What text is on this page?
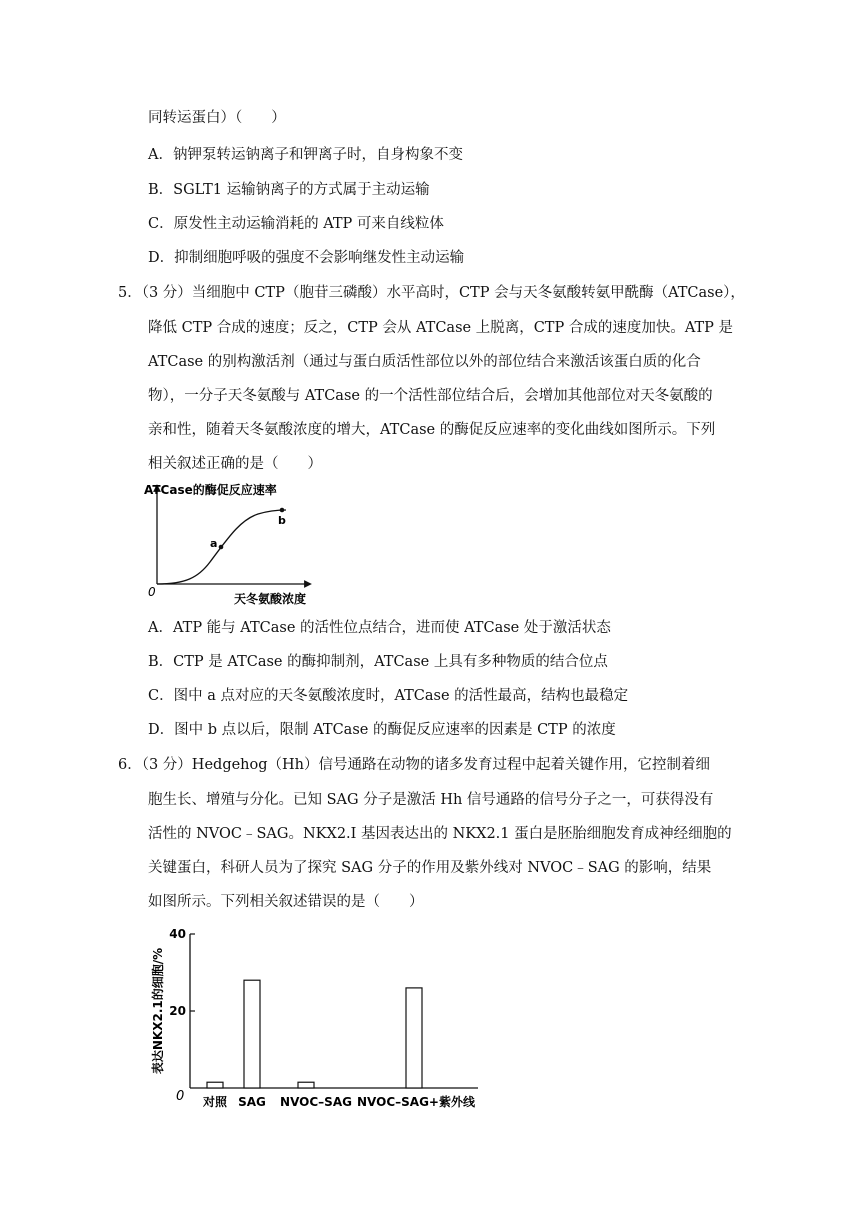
同转运蛋白）（　　）
A．钠钾泵转运钠离子和钾离子时，自身构象不变
B．SGLT1 运输钠离子的方式属于主动运输
C．原发性主动运输消耗的 ATP 可来自线粒体
D．抑制细胞呼吸的强度不会影响继发性主动运输
5．（3 分）当细胞中 CTP（胞苷三磷酸）水平高时，CTP 会与天冬氨酸转氨甲酰酶（ATCase），
降低 CTP 合成的速度；反之，CTP 会从 ATCase 上脱离，CTP 合成的速度加快。ATP 是
ATCase 的别构激活剂（通过与蛋白质活性部位以外的部位结合来激活该蛋白质的化合
物），一分子天冬氨酸与 ATCase 的一个活性部位结合后，会增加其他部位对天冬氨酸的
亲和性，随着天冬氨酸浓度的增大，ATCase 的酶促反应速率的变化曲线如图所示。下列
相关叙述正确的是（　　）
ATCase的酶促反应速率
天冬氨酸浓度
0
a
b
A．ATP 能与 ATCase 的活性位点结合，进而使 ATCase 处于激活状态
B．CTP 是 ATCase 的酶抑制剂，ATCase 上具有多种物质的结合位点
C．图中 a 点对应的天冬氨酸浓度时，ATCase 的活性最高，结构也最稳定
D．图中 b 点以后，限制 ATCase 的酶促反应速率的因素是 CTP 的浓度
6．（3 分）Hedgehog（Hh）信号通路在动物的诸多发育过程中起着关键作用，它控制着细
胞生长、增殖与分化。已知 SAG 分子是激活 Hh 信号通路的信号分子之一，可获得没有
活性的 NVOC﹣SAG。NKX2.I 基因表达出的 NKX2.1 蛋白是胚胎细胞发育成神经细胞的
关键蛋白，科研人员为了探究 SAG 分子的作用及紫外线对 NVOC﹣SAG 的影响，结果
如图所示。下列相关叙述错误的是（　　）
40
20
0
表达NKX2.1的细胞/%
对照 SAG NVOC–SAG NVOC–SAG+紫外线
